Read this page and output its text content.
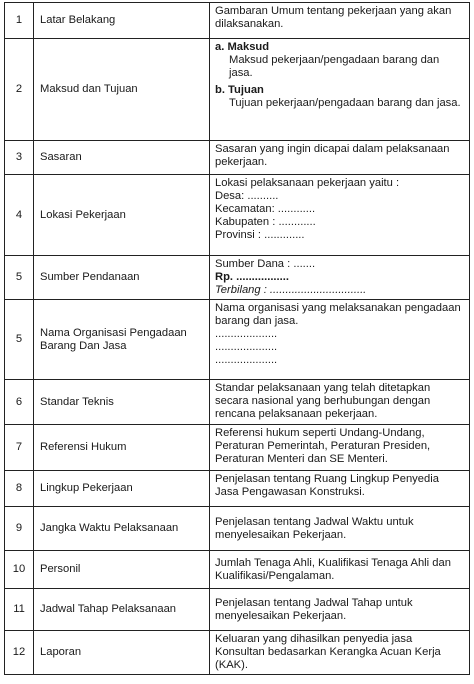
1	Latar Belakang	Gambaran Umum tentang pekerjaan yang akan dilaksanakan.
2	Maksud dan Tujuan	a. Maksud
Maksud pekerjaan/pengadaan barang dan jasa.
b. Tujuan
Tujuan pekerjaan/pengadaan barang dan jasa.

3	Sasaran	Sasaran yang ingin dicapai dalam pelaksanaan pekerjaan.
4	Lokasi Pekerjaan	Lokasi pelaksanaan pekerjaan yaitu :
Desa: ..........
Kecamatan: ............
Kabupaten : ............
Provinsi : .............

5	Sumber Pendanaan	Sumber Dana : .......
Rp. .................
Terbilang : ...............................

5	Nama Organisasi Pengadaan Barang Dan Jasa	Nama organisasi yang melaksanakan pengadaan barang dan jasa.
....................
....................
....................

6	Standar Teknis	Standar pelaksanaan yang telah ditetapkan secara nasional yang berhubungan dengan rencana pelaksanaan pekerjaan.
7	Referensi Hukum	Referensi hukum seperti Undang-Undang, Peraturan Pemerintah, Peraturan Presiden, Peraturan Menteri dan SE Menteri.
8	Lingkup Pekerjaan	Penjelasan tentang Ruang Lingkup Penyedia Jasa Pengawasan Konstruksi.
9	Jangka Waktu Pelaksanaan	Penjelasan tentang Jadwal Waktu untuk menyelesaikan Pekerjaan.
10	Personil	Jumlah Tenaga Ahli, Kualifikasi Tenaga Ahli dan Kualifikasi/Pengalaman.
11	Jadwal Tahap Pelaksanaan	Penjelasan tentang Jadwal Tahap untuk menyelesaikan Pekerjaan.
12	Laporan	Keluaran yang dihasilkan penyedia jasa Konsultan bedasarkan Kerangka Acuan Kerja (KAK).
